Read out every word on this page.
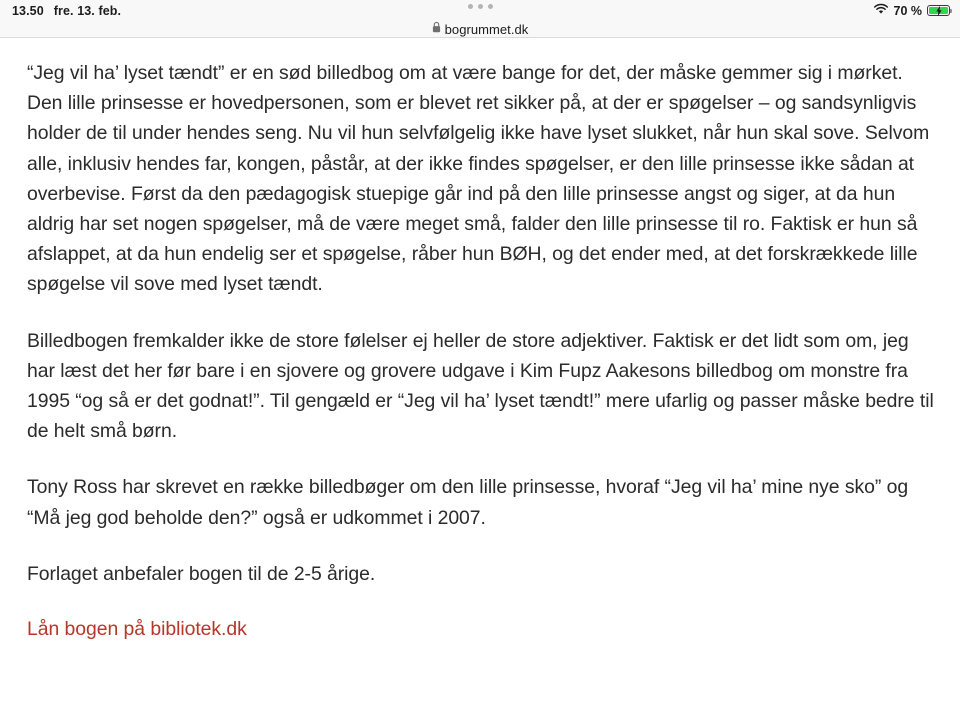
13.50 fre. 13. feb.	70 %
bogrummet.dk

“Jeg vil ha’ lyset tændt” er en sød billedbog om at være bange for det, der måske gemmer sig i mørket. Den lille prinsesse er hovedpersonen, som er blevet ret sikker på, at der er spøgelser – og sandsynligvis holder de til under hendes seng. Nu vil hun selvfølgelig ikke have lyset slukket, når hun skal sove. Selvom alle, inklusiv hendes far, kongen, påstår, at der ikke findes spøgelser, er den lille prinsesse ikke sådan at overbevise. Først da den pædagogisk stuepige går ind på den lille prinsesse angst og siger, at da hun aldrig har set nogen spøgelser, må de være meget små, falder den lille prinsesse til ro. Faktisk er hun så afslappet, at da hun endelig ser et spøgelse, råber hun BØH, og det ender med, at det forskrækkede lille spøgelse vil sove med lyset tændt.

Billedbogen fremkalder ikke de store følelser ej heller de store adjektiver. Faktisk er det lidt som om, jeg har læst det her før bare i en sjovere og grovere udgave i Kim Fupz Aakesons billedbog om monstre fra 1995 “og så er det godnat!”. Til gengæld er “Jeg vil ha’ lyset tændt!” mere ufarlig og passer måske bedre til de helt små børn.

Tony Ross har skrevet en række billedbøger om den lille prinsesse, hvoraf “Jeg vil ha’ mine nye sko” og “Må jeg god beholde den?” også er udkommet i 2007.

Forlaget anbefaler bogen til de 2-5 årige.

Lån bogen på bibliotek.dk
